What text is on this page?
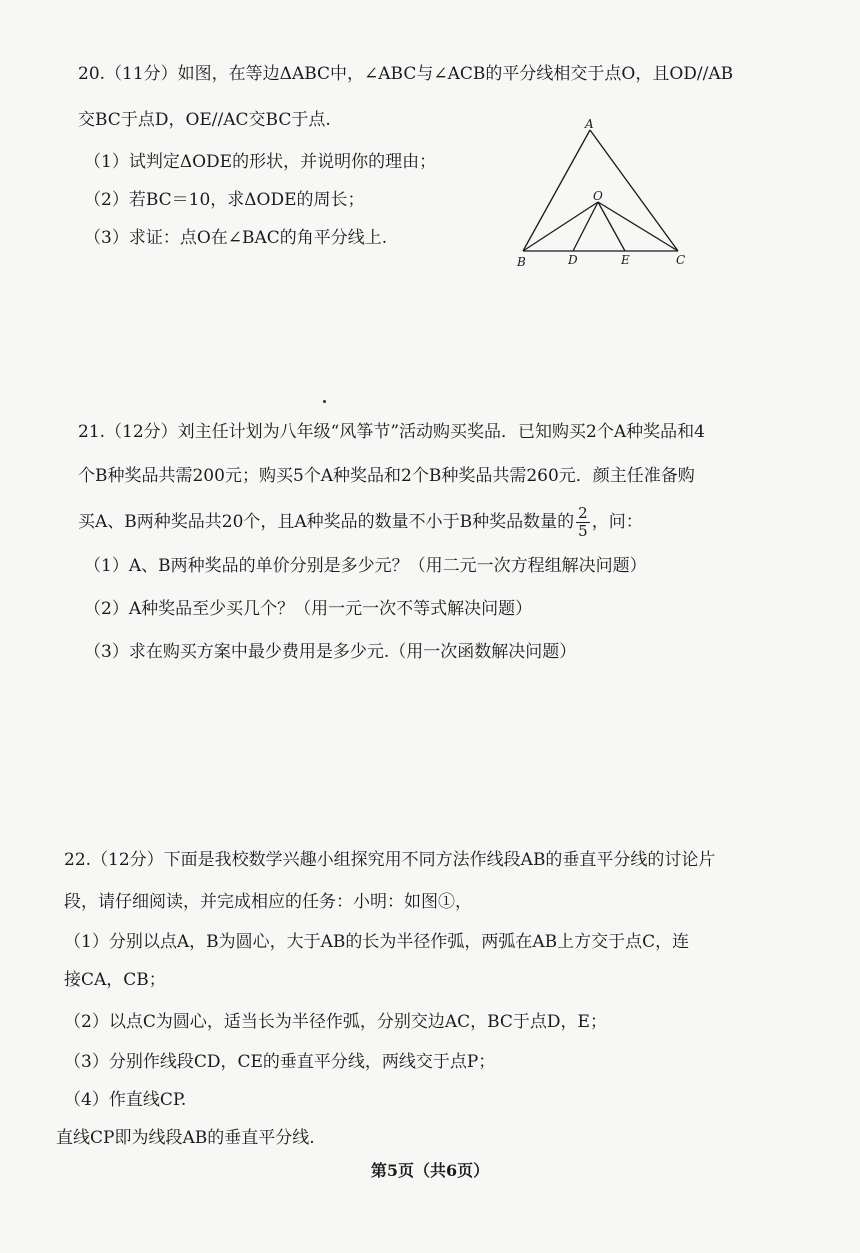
20.（11分）如图，在等边ΔABC中，∠ABC与∠ACB的平分线相交于点O，且OD//AB
交BC于点D，OE//AC交BC于点.
（1）试判定ΔODE的形状，并说明你的理由；
（2）若BC＝10，求ΔODE的周长；
（3）求证：点O在∠BAC的角平分线上.
A
O
B	D	E	C
21.（12分）刘主任计划为八年级“风筝节”活动购买奖品．已知购买2个A种奖品和4
个B种奖品共需200元；购买5个A种奖品和2个B种奖品共需260元．颜主任准备购
买A、B两种奖品共20个，且A种奖品的数量不小于B种奖品数量的 $\frac{2}{5}$ ，问：
（1）A、B两种奖品的单价分别是多少元？（用二元一次方程组解决问题）
（2）A种奖品至少买几个？（用一元一次不等式解决问题）
（3）求在购买方案中最少费用是多少元.（用一次函数解决问题）
22.（12分）下面是我校数学兴趣小组探究用不同方法作线段AB的垂直平分线的讨论片
段，请仔细阅读，并完成相应的任务：小明：如图①，
（1）分别以点A，B为圆心，大于AB的长为半径作弧，两弧在AB上方交于点C，连
接CA，CB；
（2）以点C为圆心，适当长为半径作弧，分别交边AC，BC于点D，E；
（3）分别作线段CD，CE的垂直平分线，两线交于点P；
（4）作直线CP.
直线CP即为线段AB的垂直平分线.
第5页（共6页）
